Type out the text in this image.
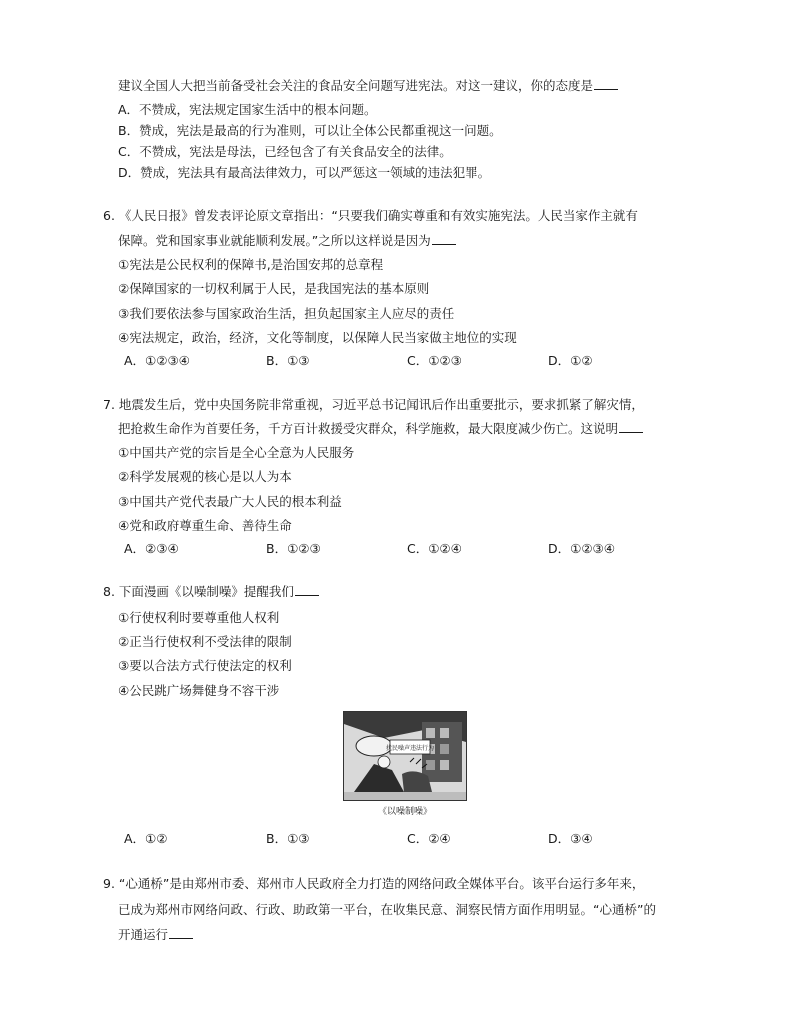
建议全国人大把当前备受社会关注的食品安全问题写进宪法。对这一建议，你的态度是
A．不赞成，宪法规定国家生活中的根本问题。
B．赞成，宪法是最高的行为准则，可以让全体公民都重视这一问题。
C．不赞成，宪法是母法，已经包含了有关食品安全的法律。
D．赞成，宪法具有最高法律效力，可以严惩这一领域的违法犯罪。
6. 《人民日报》曾发表评论原文章指出：“只要我们确实尊重和有效实施宪法。人民当家作主就有
保障。党和国家事业就能顺利发展。”之所以这样说是因为
①宪法是公民权利的保障书,是治国安邦的总章程
②保障国家的一切权利属于人民，是我国宪法的基本原则
③我们要依法参与国家政治生活，担负起国家主人应尽的责任
④宪法规定，政治，经济，文化等制度，以保障人民当家做主地位的实现
A．①②③④	B．①③	C．①②③	D．①②
7. 地震发生后，党中央国务院非常重视，习近平总书记闻讯后作出重要批示，要求抓紧了解灾情，
把抢救生命作为首要任务，千方百计救援受灾群众，科学施救，最大限度减少伤亡。这说明
①中国共产党的宗旨是全心全意为人民服务
②科学发展观的核心是以人为本
③中国共产党代表最广大人民的根本利益
④党和政府尊重生命、善待生命
A．②③④	B．①②③	C．①②④	D．①②③④
8. 下面漫画《以噪制噪》提醒我们
①行使权利时要尊重他人权利
②正当行使权利不受法律的限制
③要以合法方式行使法定的权利
④公民跳广场舞健身不容干涉
扰民噪声违法行为
《以噪制噪》
A．①②	B．①③	C．②④	D．③④
9. “心通桥”是由郑州市委、郑州市人民政府全力打造的网络问政全媒体平台。该平台运行多年来，
已成为郑州市网络问政、行政、助政第一平台，在收集民意、洞察民情方面作用明显。“心通桥”的
开通运行
